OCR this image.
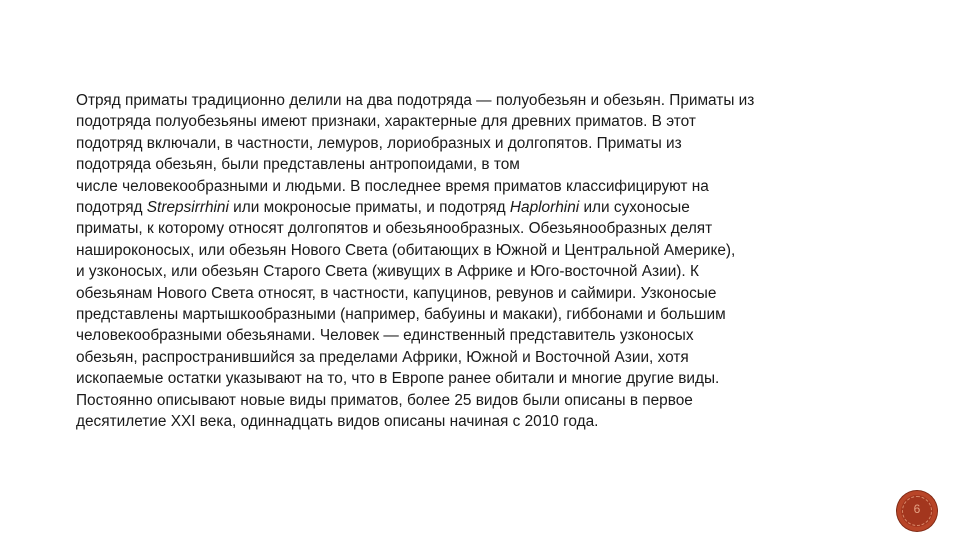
Отряд приматы традиционно делили на два подотряда — полуобезьян и обезьян. Приматы из
подотряда полуобезьяны имеют признаки, характерные для древних приматов. В этот
подотряд включали, в частности, лемуров, лориобразных и долгопятов. Приматы из
подотряда обезьян, были представлены антропоидами, в том
числе человекообразными и людьми. В последнее время приматов классифицируют на
подотряд Strepsirrhini или мокроносые приматы, и подотряд Haplorhini или сухоносые
приматы, к которому относят долгопятов и обезьянообразных. Обезьянообразных делят
нашироконосых, или обезьян Нового Света (обитающих в Южной и Центральной Америке),
и узконосых, или обезьян Старого Света (живущих в Африке и Юго-восточной Азии). К
обезьянам Нового Света относят, в частности, капуцинов, ревунов и саймири. Узконосые
представлены мартышкообразными (например, бабуины и макаки), гиббонами и большим
человекообразными обезьянами. Человек — единственный представитель узконосых
обезьян, распространившийся за пределами Африки, Южной и Восточной Азии, хотя
ископаемые остатки указывают на то, что в Европе ранее обитали и многие другие виды.
Постоянно описывают новые виды приматов, более 25 видов были описаны в первое
десятилетие XXI века, одиннадцать видов описаны начиная с 2010 года.

6
